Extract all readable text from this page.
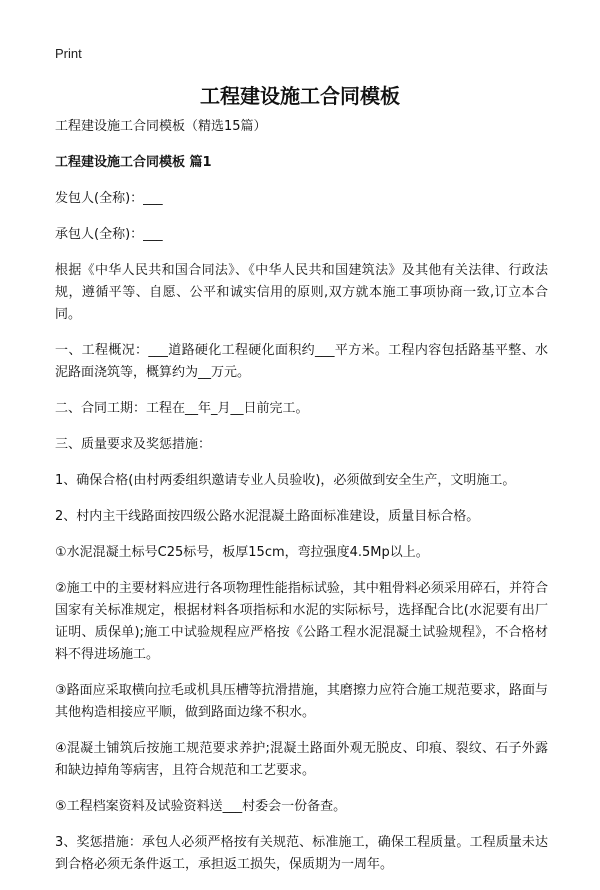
Print
工程建设施工合同模板

工程建设施工合同模板（精选15篇）

工程建设施工合同模板 篇1

发包人(全称)：___

承包人(全称)：___

根据《中华人民共和国合同法》、《中华人民共和国建筑法》及其他有关法律、行政法规，遵循平等、自愿、公平和诚实信用的原则,双方就本施工事项协商一致,订立本合同。

一、工程概况：___道路硬化工程硬化面积约___平方米。工程内容包括路基平整、水泥路面浇筑等，概算约为__万元。

二、合同工期：工程在__年_月__日前完工。

三、质量要求及奖惩措施：

1、确保合格(由村两委组织邀请专业人员验收)，必须做到安全生产，文明施工。

2、村内主干线路面按四级公路水泥混凝土路面标准建设，质量目标合格。

①水泥混凝土标号C25标号，板厚15cm，弯拉强度4.5Mp以上。

②施工中的主要材料应进行各项物理性能指标试验，其中粗骨料必须采用碎石，并符合国家有关标准规定，根据材料各项指标和水泥的实际标号，选择配合比(水泥要有出厂证明、质保单);施工中试验规程应严格按《公路工程水泥混凝土试验规程》，不合格材料不得进场施工。

③路面应采取横向拉毛或机具压槽等抗滑措施，其磨擦力应符合施工规范要求，路面与其他构造相接应平顺，做到路面边缘不积水。

④混凝土铺筑后按施工规范要求养护;混凝土路面外观无脱皮、印痕、裂纹、石子外露和缺边掉角等病害，且符合规范和工艺要求。

⑤工程档案资料及试验资料送___村委会一份备查。

3、奖惩措施：承包人必须严格按有关规范、标准施工，确保工程质量。工程质量未达到合格必须无条件返工，承担返工损失，保质期为一周年。
